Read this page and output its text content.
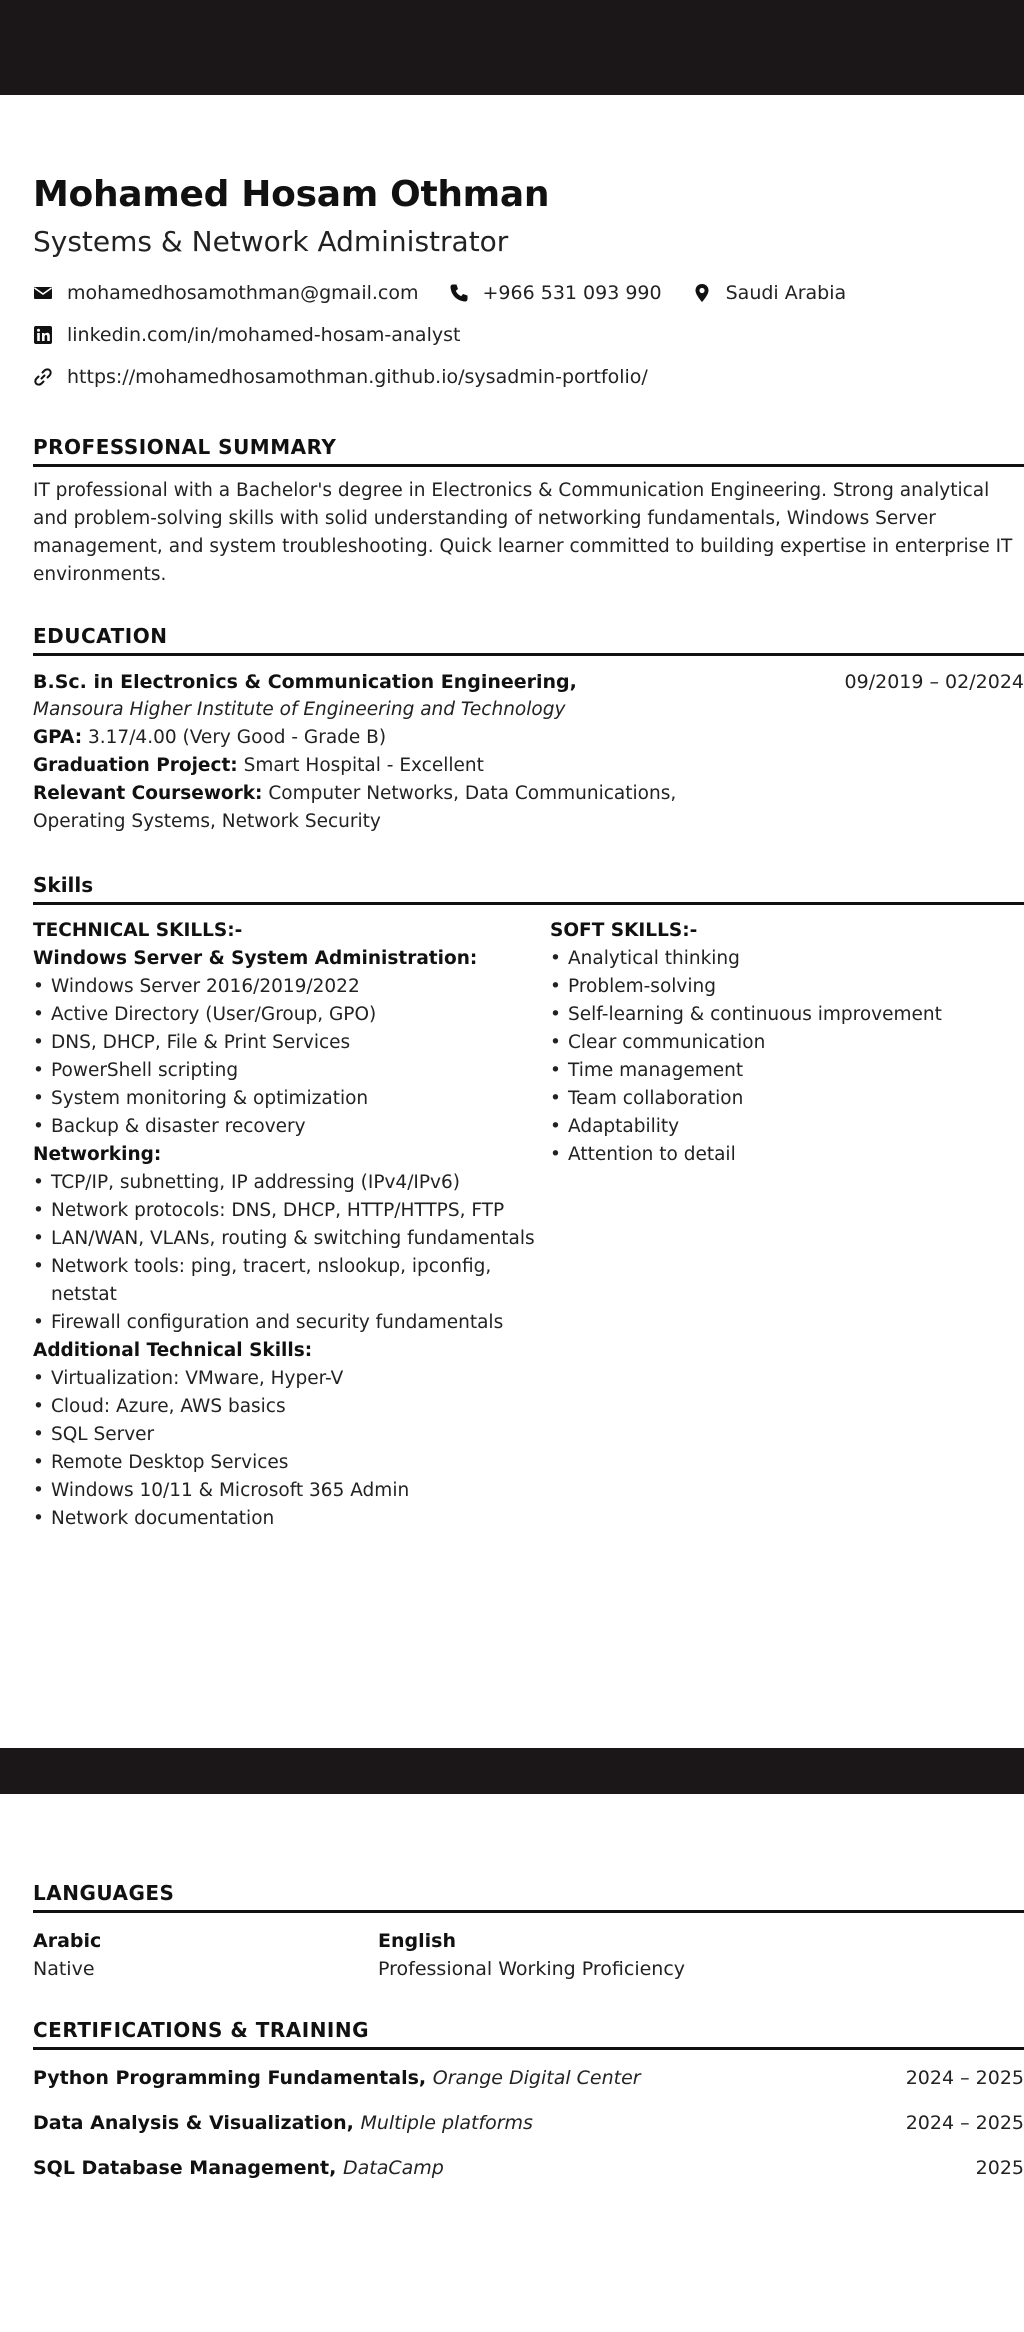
Mohamed Hosam Othman
Systems & Network Administrator
mohamedhosamothman@gmail.com	+966 531 093 990	Saudi Arabia
linkedin.com/in/mohamed-hosam-analyst
https://mohamedhosamothman.github.io/sysadmin-portfolio/
PROFESSIONAL SUMMARY

IT professional with a Bachelor's degree in Electronics & Communication Engineering. Strong analytical and problem-solving skills with solid understanding of networking fundamentals, Windows Server management, and system troubleshooting. Quick learner committed to building expertise in enterprise IT environments.

EDUCATION
B.Sc. in Electronics & Communication Engineering,	09/2019 – 02/2024
Mansoura Higher Institute of Engineering and Technology
GPA: 3.17/4.00 (Very Good - Grade B)
Graduation Project: Smart Hospital - Excellent
Relevant Coursework: Computer Networks, Data Communications, Operating Systems, Network Security
Skills
TECHNICAL SKILLS:-
Windows Server & System Administration:
• Windows Server 2016/2019/2022
• Active Directory (User/Group, GPO)
• DNS, DHCP, File & Print Services
• PowerShell scripting
• System monitoring & optimization
• Backup & disaster recovery
Networking:
• TCP/IP, subnetting, IP addressing (IPv4/IPv6)
• Network protocols: DNS, DHCP, HTTP/HTTPS, FTP
• LAN/WAN, VLANs, routing & switching fundamentals
• Network tools: ping, tracert, nslookup, ipconfig, netstat
• Firewall configuration and security fundamentals
Additional Technical Skills:
• Virtualization: VMware, Hyper-V
• Cloud: Azure, AWS basics
• SQL Server
• Remote Desktop Services
• Windows 10/11 & Microsoft 365 Admin
• Network documentation
SOFT SKILLS:-
• Analytical thinking
• Problem-solving
• Self-learning & continuous improvement
• Clear communication
• Time management
• Team collaboration
• Adaptability
• Attention to detail
LANGUAGES
Arabic
Native
English
Professional Working Proficiency
CERTIFICATIONS & TRAINING
Python Programming Fundamentals, Orange Digital Center	2024 – 2025
Data Analysis & Visualization, Multiple platforms	2024 – 2025
SQL Database Management, DataCamp	2025
